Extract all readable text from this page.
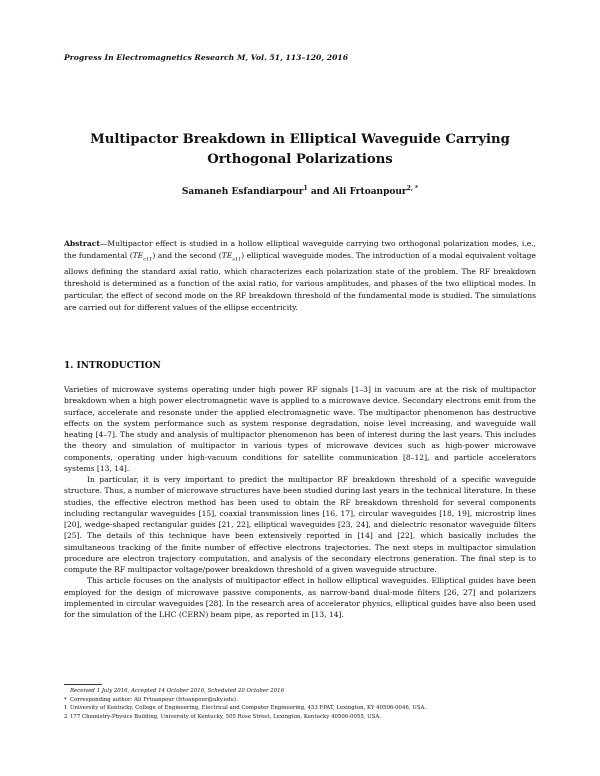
Progress In Electromagnetics Research M, Vol. 51, 113–120, 2016
Multipactor Breakdown in Elliptical Waveguide Carrying
Orthogonal Polarizations
Samaneh Esfandiarpour$^1$ and Ali Frtoanpour$^{2, *}$
Abstract—Multipactor effect is studied in a hollow elliptical waveguide carrying two orthogonal polarization modes, i.e., the fundamental $(TE_{c11})$ and the second $(TE_{s11})$ elliptical waveguide modes. The introduction of a modal equivalent voltage allows defining the standard axial ratio, which characterizes each polarization state of the problem. The RF breakdown threshold is determined as a function of the axial ratio, for various amplitudes, and phases of the two elliptical modes. In particular, the effect of second mode on the RF breakdown threshold of the fundamental mode is studied. The simulations are carried out for different values of the ellipse eccentricity.
1. INTRODUCTION

Varieties of microwave systems operating under high power RF signals [1–3] in vacuum are at the risk of multipactor breakdown when a high power electromagnetic wave is applied to a microwave device. Secondary electrons emit from the surface, accelerate and resonate under the applied electromagnetic wave. The multipactor phenomenon has destructive effects on the system performance such as system response degradation, noise level increasing, and waveguide wall heating [4–7]. The study and analysis of multipactor phenomenon has been of interest during the last years. This includes the theory and simulation of multipactor in various types of microwave devices such as high-power microwave components, operating under high-vacuum conditions for satellite communication [8–12], and particle accelerators systems [13, 14].

In particular, it is very important to predict the multipactor RF breakdown threshold of a specific waveguide structure. Thus, a number of microwave structures have been studied during last years in the technical literature. In these studies, the effective electron method has been used to obtain the RF breakdown threshold for several components including rectangular waveguides [15], coaxial transmission lines [16, 17], circular waveguides [18, 19], microstrip lines [20], wedge-shaped rectangular guides [21, 22], elliptical waveguides [23, 24], and dielectric resonator waveguide filters [25]. The details of this technique have been extensively reported in [14] and [22], which basically includes the simultaneous tracking of the finite number of effective electrons trajectories. The next steps in multipactor simulation procedure are electron trajectory computation, and analysis of the secondary electrons generation. The final step is to compute the RF multipactor voltage/power breakdown threshold of a given waveguide structure.

This article focuses on the analysis of multipactor effect in hollow elliptical waveguides. Elliptical guides have been employed for the design of microwave passive components, as narrow-band dual-mode filters [26, 27] and polarizers implemented in circular waveguides [28]. In the research area of accelerator physics, elliptical guides have also been used for the simulation of the LHC (CERN) beam pipe, as reported in [13, 14].

Received 1 July 2016, Accepted 14 October 2016, Scheduled 20 October 2016

* Corresponding author: Ali Frtoanpour (frtoanpour@uky.edu).

1 University of Kentucky, College of Engineering, Electrical and Computer Engineering, 453 FPAT, Lexington, KY 40506-0046, USA.

2 177 Chemistry-Physics Building, University of Kentucky, 505 Rose Street, Lexington, Kentucky 40506-0055, USA.
